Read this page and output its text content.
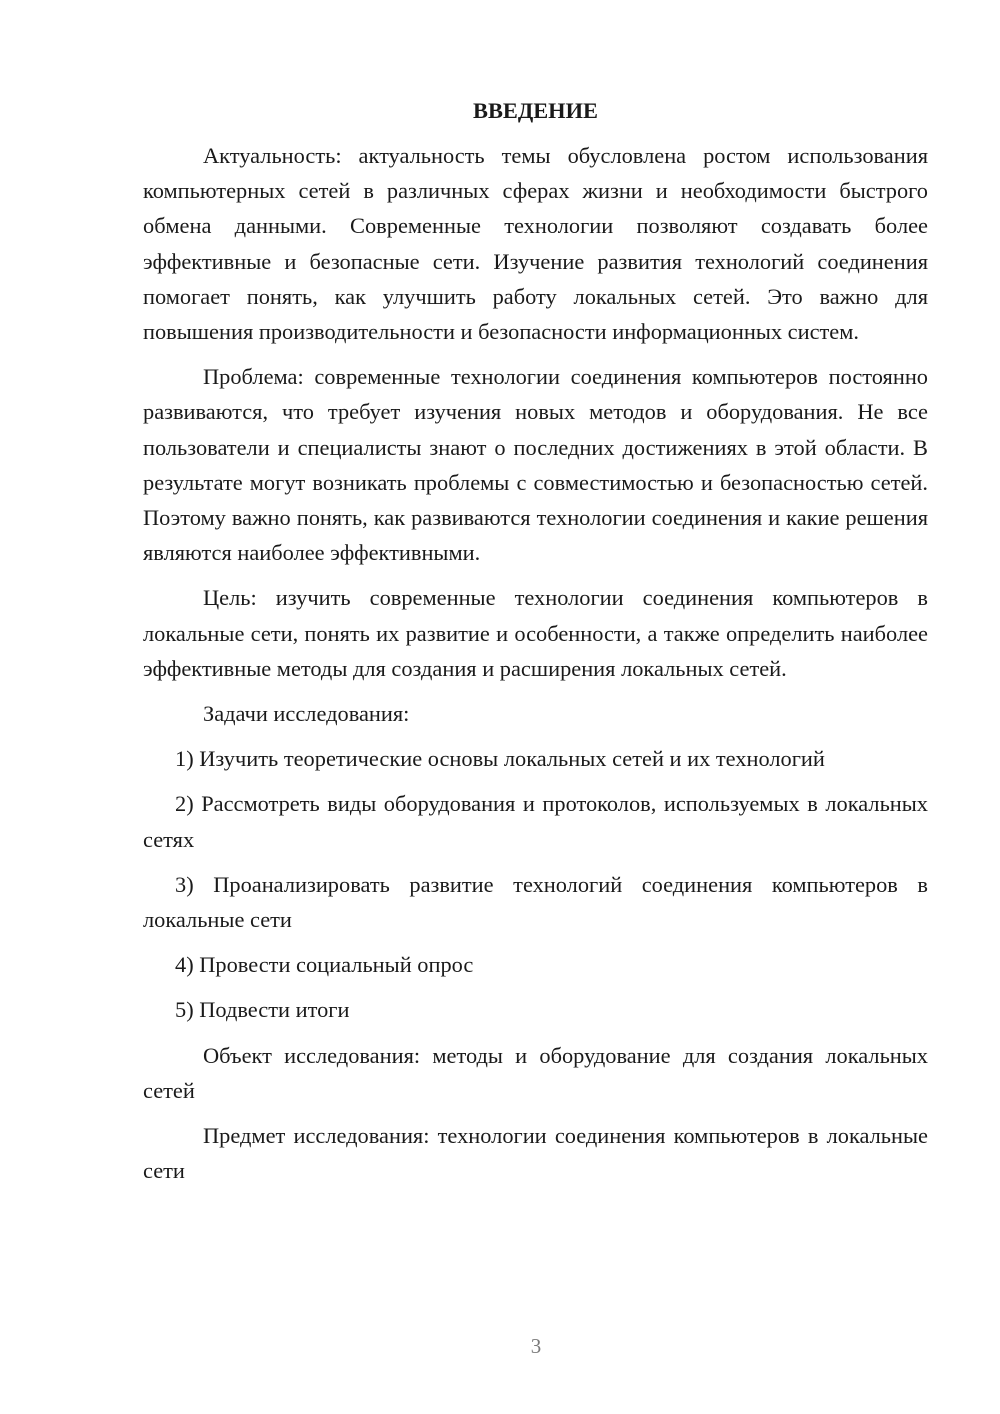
ВВЕДЕНИЕ

Актуальность: актуальность темы обусловлена ростом использования компьютерных сетей в различных сферах жизни и необходимости быстрого обмена данными. Современные технологии позволяют создавать более эффективные и безопасные сети. Изучение развития технологий соединения помогает понять, как улучшить работу локальных сетей. Это важно для повышения производительности и безопасности информационных систем.

Проблема: современные технологии соединения компьютеров постоянно развиваются, что требует изучения новых методов и оборудования. Не все пользователи и специалисты знают о последних достижениях в этой области. В результате могут возникать проблемы с совместимостью и безопасностью сетей. Поэтому важно понять, как развиваются технологии соединения и какие решения являются наиболее эффективными.

Цель: изучить современные технологии соединения компьютеров в локальные сети, понять их развитие и особенности, а также определить наиболее эффективные методы для создания и расширения локальных сетей.

Задачи исследования:

1) Изучить теоретические основы локальных сетей и их технологий

2) Рассмотреть виды оборудования и протоколов, используемых в локальных сетях

3) Проанализировать развитие технологий соединения компьютеров в локальные сети

4) Провести социальный опрос

5) Подвести итоги

Объект исследования: методы и оборудование для создания локальных сетей

Предмет исследования: технологии соединения компьютеров в локальные сети

3
